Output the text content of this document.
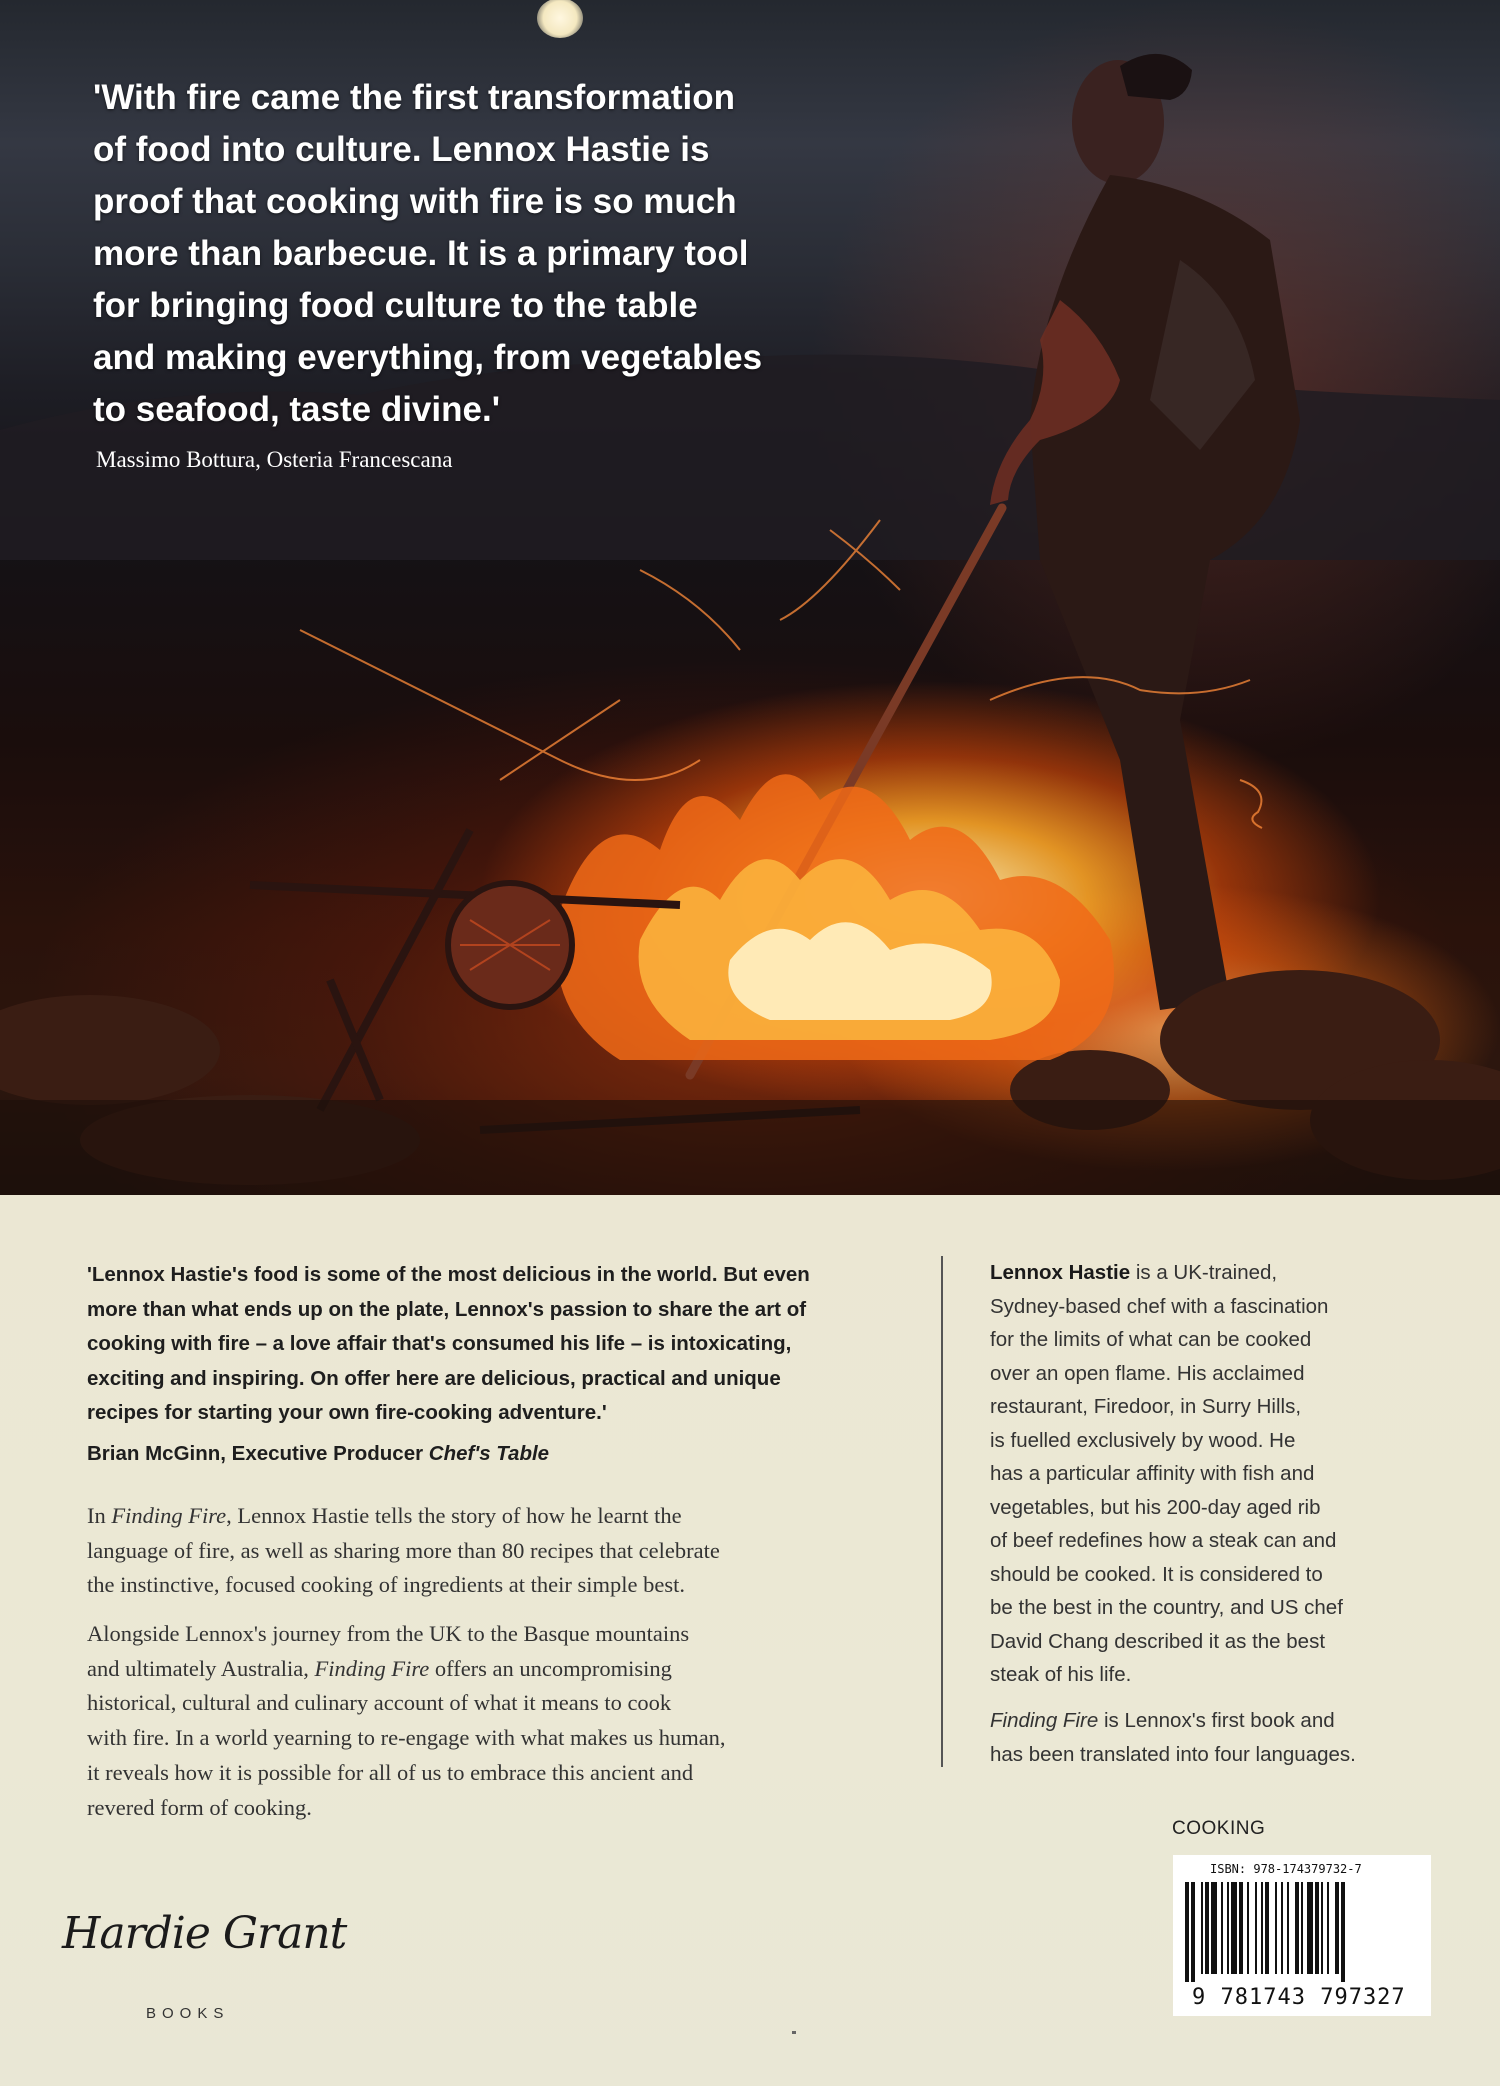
'With fire came the first transformation
of food into culture. Lennox Hastie is
proof that cooking with fire is so much
more than barbecue. It is a primary tool
for bringing food culture to the table
and making everything, from vegetables
to seafood, taste divine.'
Massimo Bottura, Osteria Francescana
'Lennox Hastie's food is some of the most delicious in the world. But even
more than what ends up on the plate, Lennox's passion to share the art of
cooking with fire – a love affair that's consumed his life – is intoxicating,
exciting and inspiring. On offer here are delicious, practical and unique
recipes for starting your own fire-cooking adventure.'
Brian McGinn, Executive Producer Chef's Table
In Finding Fire, Lennox Hastie tells the story of how he learnt the
language of fire, as well as sharing more than 80 recipes that celebrate
the instinctive, focused cooking of ingredients at their simple best.
Alongside Lennox's journey from the UK to the Basque mountains
and ultimately Australia, Finding Fire offers an uncompromising
historical, cultural and culinary account of what it means to cook
with fire. In a world yearning to re-engage with what makes us human,
it reveals how it is possible for all of us to embrace this ancient and
revered form of cooking.
Lennox Hastie is a UK-trained,
Sydney-based chef with a fascination
for the limits of what can be cooked
over an open flame. His acclaimed
restaurant, Firedoor, in Surry Hills,
is fuelled exclusively by wood. He
has a particular affinity with fish and
vegetables, but his 200-day aged rib
of beef redefines how a steak can and
should be cooked. It is considered to
be the best in the country, and US chef
David Chang described it as the best
steak of his life.
Finding Fire is Lennox's first book and
has been translated into four languages.
COOKING
ISBN: 978-174379732-7
9 781743 797327
Hardie Grant
BOOKS
